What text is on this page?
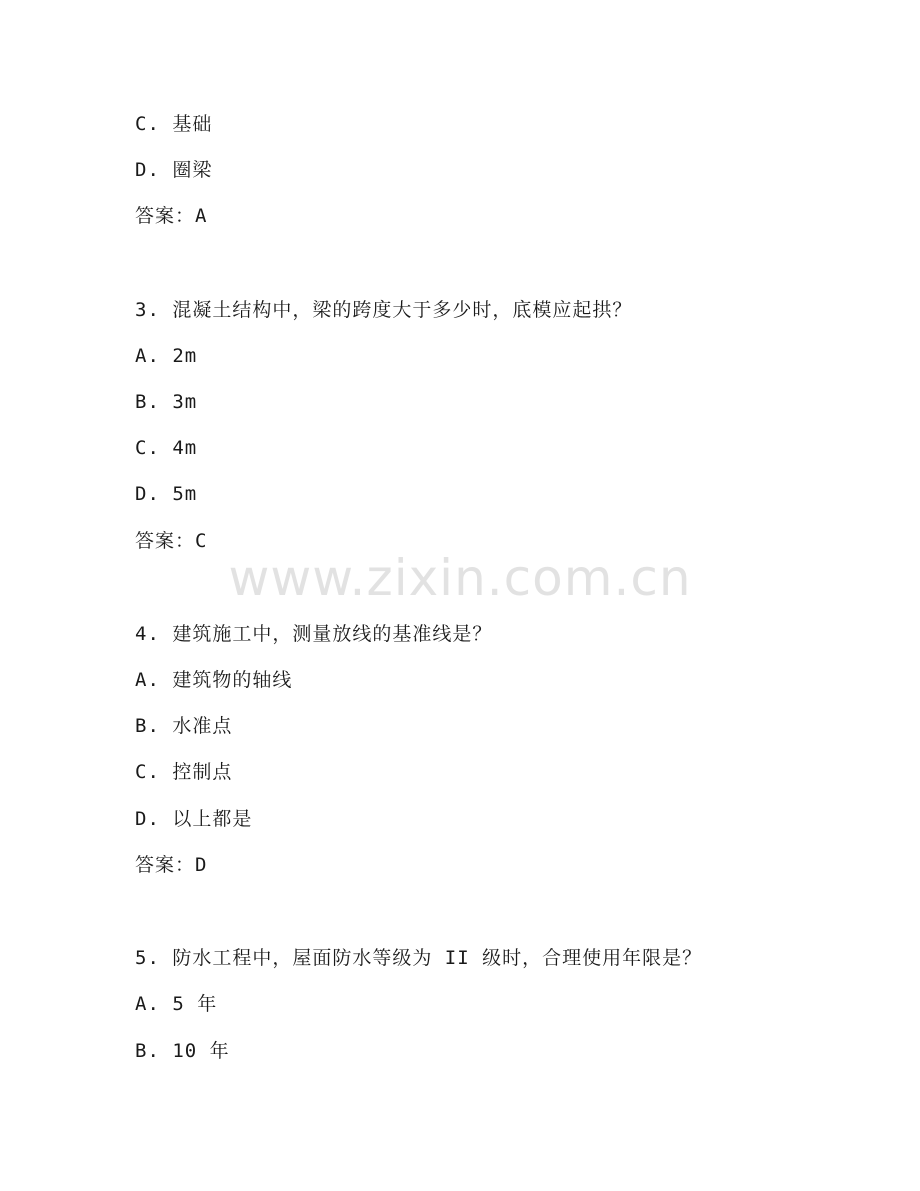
C. 基础
D. 圈梁
答案：A
3. 混凝土结构中，梁的跨度大于多少时，底模应起拱？
A. 2m
B. 3m
C. 4m
D. 5m
答案：C
4. 建筑施工中，测量放线的基准线是？
A. 建筑物的轴线
B. 水准点
C. 控制点
D. 以上都是
答案：D
5. 防水工程中，屋面防水等级为 II 级时，合理使用年限是？
A. 5 年
B. 10 年
www.zixin.com.cn
